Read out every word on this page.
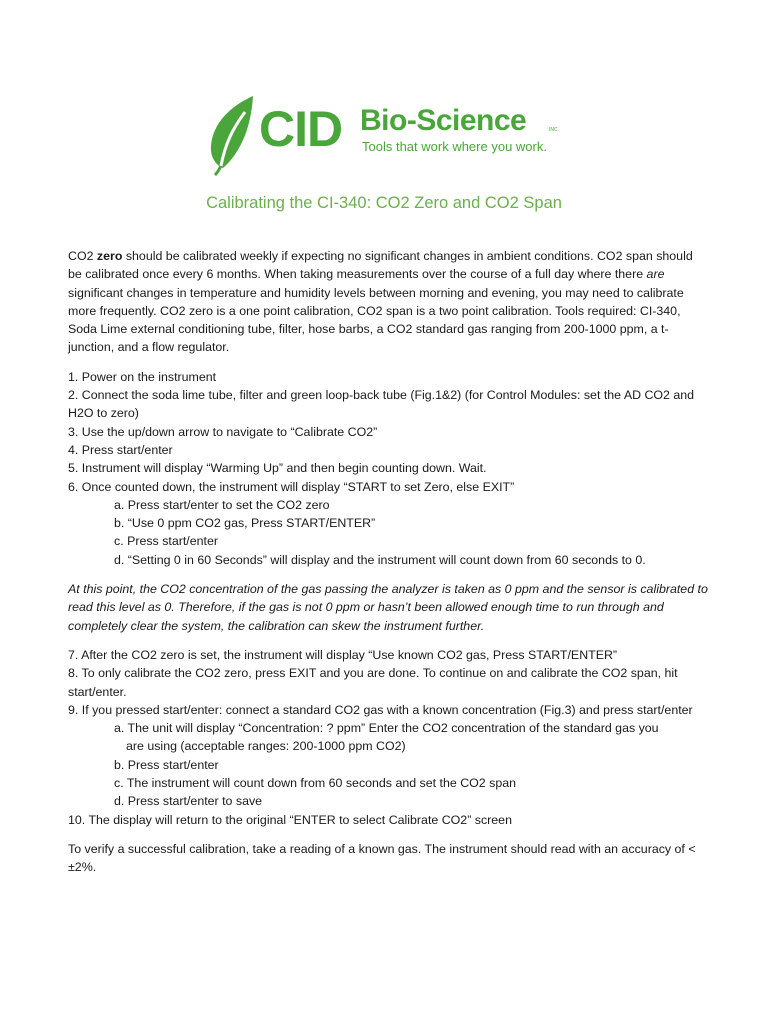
CID Bio-Science	INC
Tools that work where you work.
Calibrating the CI-340: CO2 Zero and CO2 Span

CO2 zero should be calibrated weekly if expecting no significant changes in ambient conditions. CO2 span should be calibrated once every 6 months. When taking measurements over the course of a full day where there are significant changes in temperature and humidity levels between morning and evening, you may need to calibrate more frequently. CO2 zero is a one point calibration, CO2 span is a two point calibration. Tools required: CI-340, Soda Lime external conditioning tube, filter, hose barbs, a CO2 standard gas ranging from 200-1000 ppm, a t-junction, and a flow regulator.

1. Power on the instrument

2. Connect the soda lime tube, filter and green loop-back tube (Fig.1&2) (for Control Modules: set the AD CO2 and H2O to zero)

3. Use the up/down arrow to navigate to “Calibrate CO2”

4. Press start/enter

5. Instrument will display “Warming Up” and then begin counting down. Wait.

6. Once counted down, the instrument will display “START to set Zero, else EXIT”

a. Press start/enter to set the CO2 zero

b. “Use 0 ppm CO2 gas, Press START/ENTER”

c. Press start/enter

d. “Setting 0 in 60 Seconds” will display and the instrument will count down from 60 seconds to 0.

At this point, the CO2 concentration of the gas passing the analyzer is taken as 0 ppm and the sensor is calibrated to read this level as 0. Therefore, if the gas is not 0 ppm or hasn’t been allowed enough time to run through and completely clear the system, the calibration can skew the instrument further.

7. After the CO2 zero is set, the instrument will display “Use known CO2 gas, Press START/ENTER”

8. To only calibrate the CO2 zero, press EXIT and you are done. To continue on and calibrate the CO2 span, hit start/enter.

9. If you pressed start/enter: connect a standard CO2 gas with a known concentration (Fig.3) and press start/enter

a. The unit will display “Concentration: ? ppm” Enter the CO2 concentration of the standard gas you
are using (acceptable ranges: 200-1000 ppm CO2)

b. Press start/enter

c. The instrument will count down from 60 seconds and set the CO2 span

d. Press start/enter to save

10. The display will return to the original “ENTER to select Calibrate CO2” screen

To verify a successful calibration, take a reading of a known gas. The instrument should read with an accuracy of < ±2%.
